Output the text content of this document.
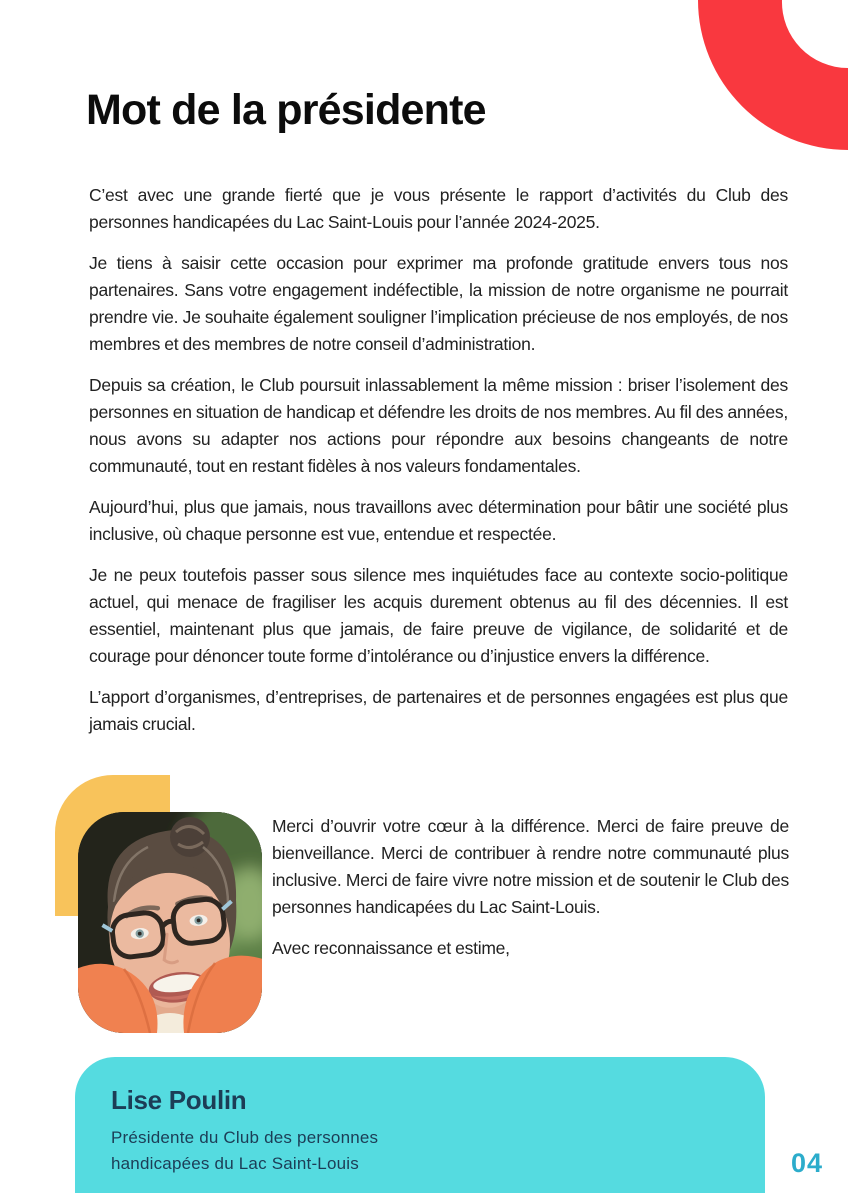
Mot de la présidente

C’est avec une grande fierté que je vous présente le rapport d’activités du Club des personnes handicapées du Lac Saint-Louis pour l’année 2024-2025.

Je tiens à saisir cette occasion pour exprimer ma profonde gratitude envers tous nos partenaires. Sans votre engagement indéfectible, la mission de notre organisme ne pourrait prendre vie. Je souhaite également souligner l’implication précieuse de nos employés, de nos membres et des membres de notre conseil d’administration.

Depuis sa création, le Club poursuit inlassablement la même mission : briser l’isolement des personnes en situation de handicap et défendre les droits de nos membres. Au fil des années, nous avons su adapter nos actions pour répondre aux besoins changeants de notre communauté, tout en restant fidèles à nos valeurs fondamentales.

Aujourd’hui, plus que jamais, nous travaillons avec détermination pour bâtir une société plus inclusive, où chaque personne est vue, entendue et respectée.

Je ne peux toutefois passer sous silence mes inquiétudes face au contexte socio-politique actuel, qui menace de fragiliser les acquis durement obtenus au fil des décennies. Il est essentiel, maintenant plus que jamais, de faire preuve de vigilance, de solidarité et de courage pour dénoncer toute forme d’intolérance ou d’injustice envers la différence.

L’apport d’organismes, d’entreprises, de partenaires et de personnes engagées est plus que jamais crucial.

Merci d’ouvrir votre cœur à la différence. Merci de faire preuve de bienveillance. Merci de contribuer à rendre notre communauté plus inclusive. Merci de faire vivre notre mission et de soutenir le Club des personnes handicapées du Lac Saint-Louis.

Avec reconnaissance et estime,

Lise Poulin
Présidente du Club des personnes
handicapées du Lac Saint-Louis	04
